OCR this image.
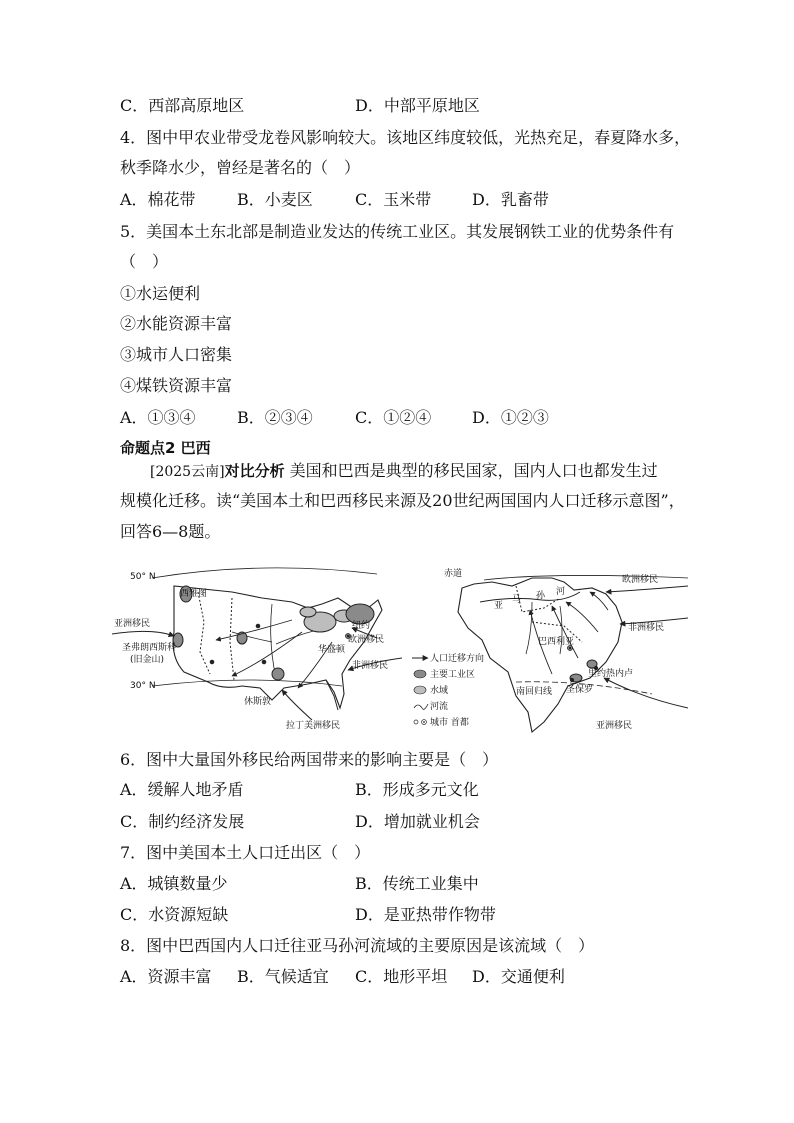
C．西部高原地区	D．中部平原地区
4．图中甲农业带受龙卷风影响较大。该地区纬度较低，光热充足，春夏降水多，
秋季降水少，曾经是著名的（　）
A．棉花带	B．小麦区	C．玉米带	D．乳畜带
5．美国本土东北部是制造业发达的传统工业区。其发展钢铁工业的优势条件有
（　）
①水运便利
②水能资源丰富
③城市人口密集
④煤铁资源丰富
A．①③④	B．②③④	C．①②④	D．①②③
命题点2 巴西
[2025云南]对比分析 美国和巴西是典型的移民国家，国内人口也都发生过
规模化迁移。读“美国本土和巴西移民来源及20世纪两国国内人口迁移示意图”，
回答6—8题。
50° N
30° N
西雅图
亚洲移民
圣弗朗西斯科
(旧金山)
纽约
欧洲移民
华盛顿
非洲移民
休斯敦
拉丁美洲移民
人口迁移方向
主要工业区
水域
河流
城市 首都
赤道
欧洲移民
亚
马 孙 河
非洲移民
巴西利亚
里约热内卢
南回归线 圣保罗
亚洲移民
6．图中大量国外移民给两国带来的影响主要是（　）
A．缓解人地矛盾	B．形成多元文化
C．制约经济发展	D．增加就业机会
7．图中美国本土人口迁出区（　）
A．城镇数量少	B．传统工业集中
C．水资源短缺	D．是亚热带作物带
8．图中巴西国内人口迁往亚马孙河流域的主要原因是该流域（　）
A．资源丰富 B．气候适宜 C．地形平坦 D．交通便利
